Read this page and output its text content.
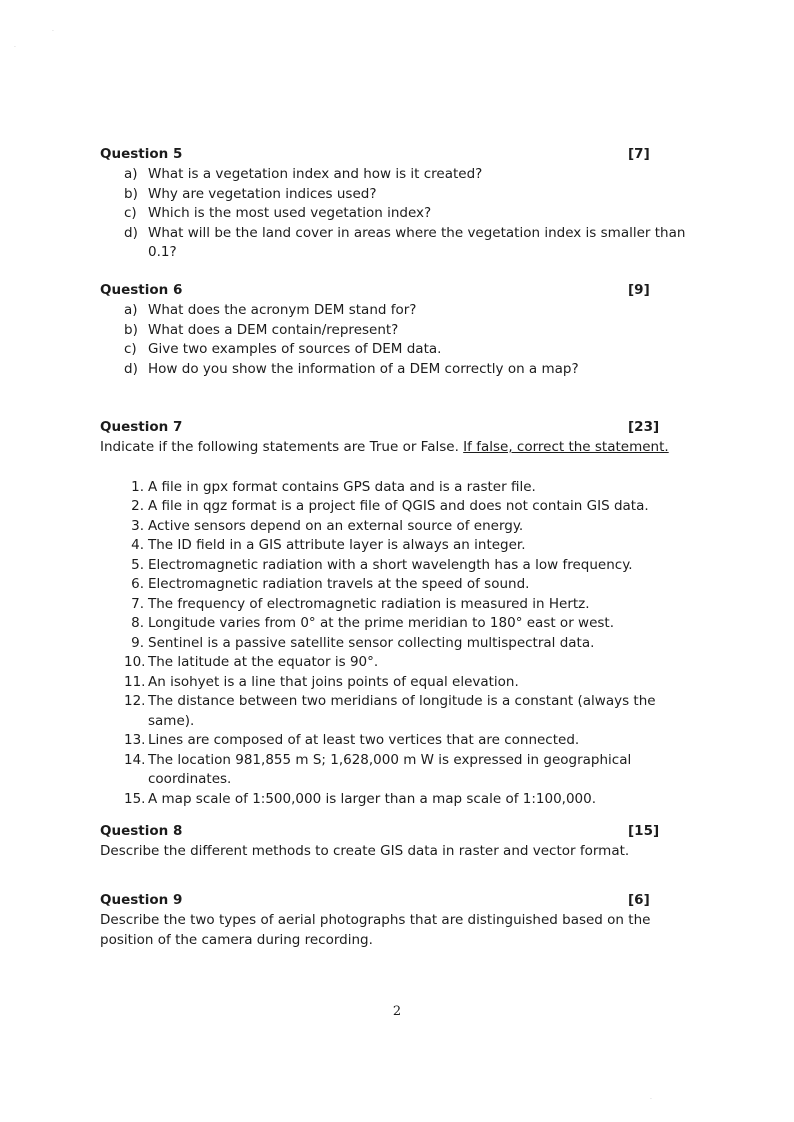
·
·
·
Question 5	[7]
a) What is a vegetation index and how is it created?
b) Why are vegetation indices used?
c) Which is the most used vegetation index?
d) What will be the land cover in areas where the vegetation index is smaller than 0.1?
Question 6	[9]
a) What does the acronym DEM stand for?
b) What does a DEM contain/represent?
c) Give two examples of sources of DEM data.
d) How do you show the information of a DEM correctly on a map?
Question 7	[23]

Indicate if the following statements are True or False. If false, correct the statement.

1. A file in gpx format contains GPS data and is a raster file.
2. A file in qgz format is a project file of QGIS and does not contain GIS data.
3. Active sensors depend on an external source of energy.
4. The ID field in a GIS attribute layer is always an integer.
5. Electromagnetic radiation with a short wavelength has a low frequency.
6. Electromagnetic radiation travels at the speed of sound.
7. The frequency of electromagnetic radiation is measured in Hertz.
8. Longitude varies from 0° at the prime meridian to 180° east or west.
9. Sentinel is a passive satellite sensor collecting multispectral data.
10. The latitude at the equator is 90°.
11. An isohyet is a line that joins points of equal elevation.
12. The distance between two meridians of longitude is a constant (always the same).
13. Lines are composed of at least two vertices that are connected.
14. The location 981,855 m S; 1,628,000 m W is expressed in geographical coordinates.
15. A map scale of 1:500,000 is larger than a map scale of 1:100,000.
Question 8	[15]

Describe the different methods to create GIS data in raster and vector format.

Question 9	[6]

Describe the two types of aerial photographs that are distinguished based on the position of the camera during recording.

2
